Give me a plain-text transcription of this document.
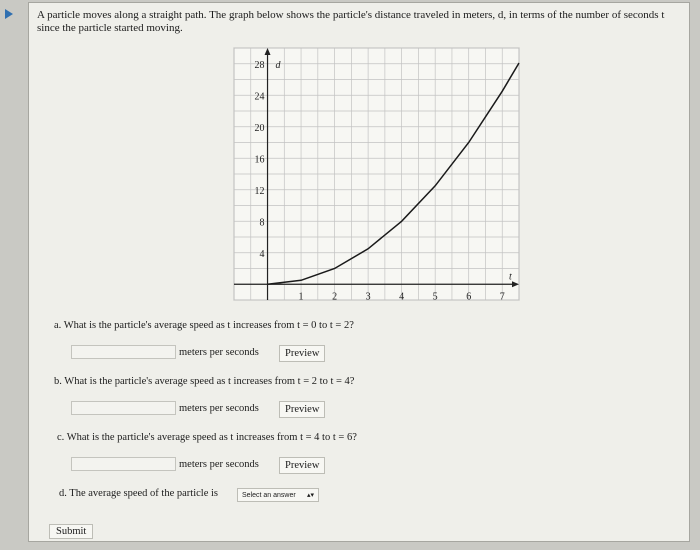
A particle moves along a straight path. The graph below shows the particle's distance traveled in meters, d, in terms of the number of seconds t since the particle started moving.
1	2	3	4	5	6	7
4
8
12
16
20
24
28
t
d
a. What is the particle's average speed as t increases from t = 0 to t = 2?
meters per seconds	Preview
b. What is the particle's average speed as t increases from t = 2 to t = 4?
meters per seconds	Preview
c. What is the particle's average speed as t increases from t = 4 to t = 6?
meters per seconds	Preview
d. The average speed of the particle is	Select an answer ▴▾
Submit
